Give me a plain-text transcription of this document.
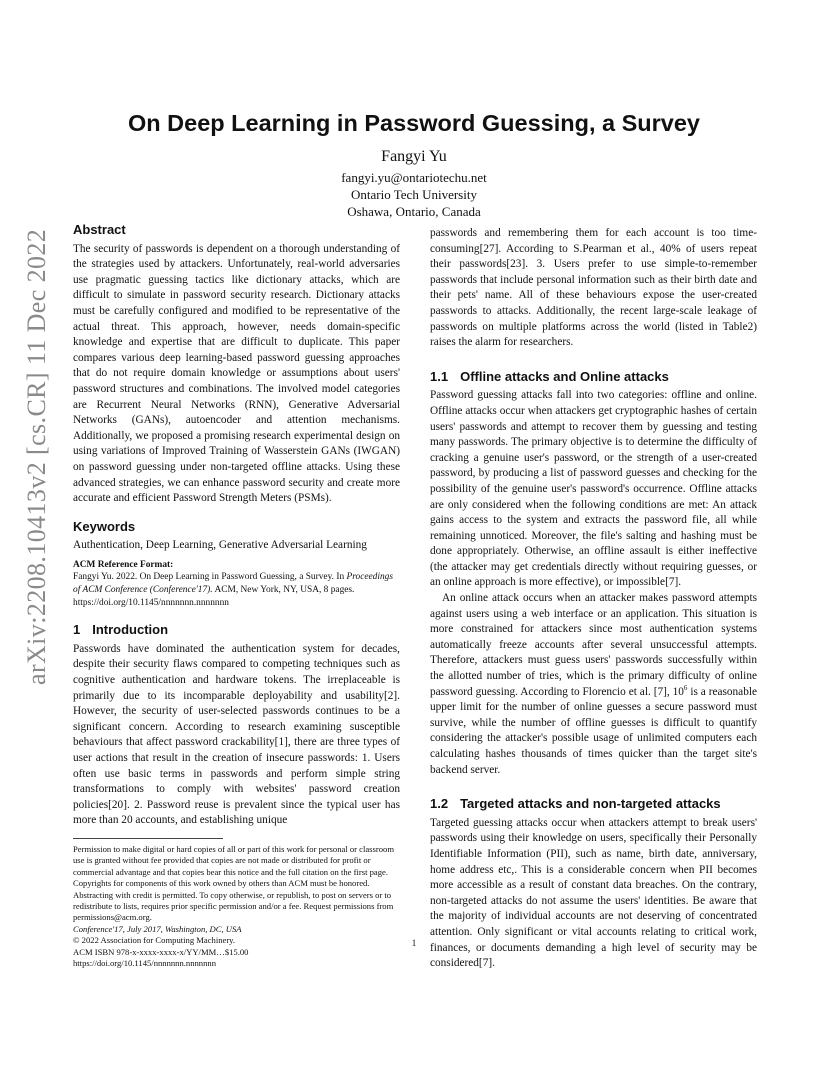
arXiv:2208.10413v2 [cs.CR] 11 Dec 2022
On Deep Learning in Password Guessing, a Survey
Fangyi Yu
fangyi.yu@ontariotechu.net
Ontario Tech University
Oshawa, Ontario, Canada
Abstract

The security of passwords is dependent on a thorough understanding of the strategies used by attackers. Unfortunately, real-world adversaries use pragmatic guessing tactics like dictionary attacks, which are difficult to simulate in password security research. Dictionary attacks must be carefully configured and modified to be representative of the actual threat. This approach, however, needs domain-specific knowledge and expertise that are difficult to duplicate. This paper compares various deep learning-based password guessing approaches that do not require domain knowledge or assumptions about users' password structures and combinations. The involved model categories are Recurrent Neural Networks (RNN), Generative Adversarial Networks (GANs), autoencoder and attention mechanisms. Additionally, we proposed a promising research experimental design on using variations of Improved Training of Wasserstein GANs (IWGAN) on password guessing under non-targeted offline attacks. Using these advanced strategies, we can enhance password security and create more accurate and efficient Password Strength Meters (PSMs).

Keywords

Authentication, Deep Learning, Generative Adversarial Learning

ACM Reference Format:
Fangyi Yu. 2022. On Deep Learning in Password Guessing, a Survey. In Proceedings of ACM Conference (Conference'17). ACM, New York, NY, USA, 8 pages. https://doi.org/10.1145/nnnnnnn.nnnnnnn
1 Introduction

Passwords have dominated the authentication system for decades, despite their security flaws compared to competing techniques such as cognitive authentication and hardware tokens. The irreplaceable is primarily due to its incomparable deployability and usability[2]. However, the security of user-selected passwords continues to be a significant concern. According to research examining susceptible behaviours that affect password crackability[1], there are three types of user actions that result in the creation of insecure passwords: 1. Users often use basic terms in passwords and perform simple string transformations to comply with websites' password creation policies[20]. 2. Password reuse is prevalent since the typical user has more than 20 accounts, and establishing unique

Permission to make digital or hard copies of all or part of this work for personal or classroom use is granted without fee provided that copies are not made or distributed for profit or commercial advantage and that copies bear this notice and the full citation on the first page. Copyrights for components of this work owned by others than ACM must be honored. Abstracting with credit is permitted. To copy otherwise, or republish, to post on servers or to redistribute to lists, requires prior specific permission and/or a fee. Request permissions from permissions@acm.org.
Conference'17, July 2017, Washington, DC, USA
© 2022 Association for Computing Machinery.
ACM ISBN 978-x-xxxx-xxxx-x/YY/MM…$15.00
https://doi.org/10.1145/nnnnnnn.nnnnnnn

passwords and remembering them for each account is too time-consuming[27]. According to S.Pearman et al., 40% of users repeat their passwords[23]. 3. Users prefer to use simple-to-remember passwords that include personal information such as their birth date and their pets' name. All of these behaviours expose the user-created passwords to attacks. Additionally, the recent large-scale leakage of passwords on multiple platforms across the world (listed in Table2) raises the alarm for researchers.

1.1 Offline attacks and Online attacks

Password guessing attacks fall into two categories: offline and online. Offline attacks occur when attackers get cryptographic hashes of certain users' passwords and attempt to recover them by guessing and testing many passwords. The primary objective is to determine the difficulty of cracking a genuine user's password, or the strength of a user-created password, by producing a list of password guesses and checking for the possibility of the genuine user's password's occurrence. Offline attacks are only considered when the following conditions are met: An attack gains access to the system and extracts the password file, all while remaining unnoticed. Moreover, the file's salting and hashing must be done appropriately. Otherwise, an offline assault is either ineffective (the attacker may get credentials directly without requiring guesses, or an online approach is more effective), or impossible[7].

An online attack occurs when an attacker makes password attempts against users using a web interface or an application. This situation is more constrained for attackers since most authentication systems automatically freeze accounts after several unsuccessful attempts. Therefore, attackers must guess users' passwords successfully within the allotted number of tries, which is the primary difficulty of online password guessing. According to Florencio et al. [7], $10^6$ is a reasonable upper limit for the number of online guesses a secure password must survive, while the number of offline guesses is difficult to quantify considering the attacker's possible usage of unlimited computers each calculating hashes thousands of times quicker than the target site's backend server.

1.2 Targeted attacks and non-targeted attacks

Targeted guessing attacks occur when attackers attempt to break users' passwords using their knowledge on users, specifically their Personally Identifiable Information (PII), such as name, birth date, anniversary, home address etc,. This is a considerable concern when PII becomes more accessible as a result of constant data breaches. On the contrary, non-targeted attacks do not assume the users' identities. Be aware that the majority of individual accounts are not deserving of concentrated attention. Only significant or vital accounts relating to critical work, finances, or documents demanding a high level of security may be considered[7].

1
